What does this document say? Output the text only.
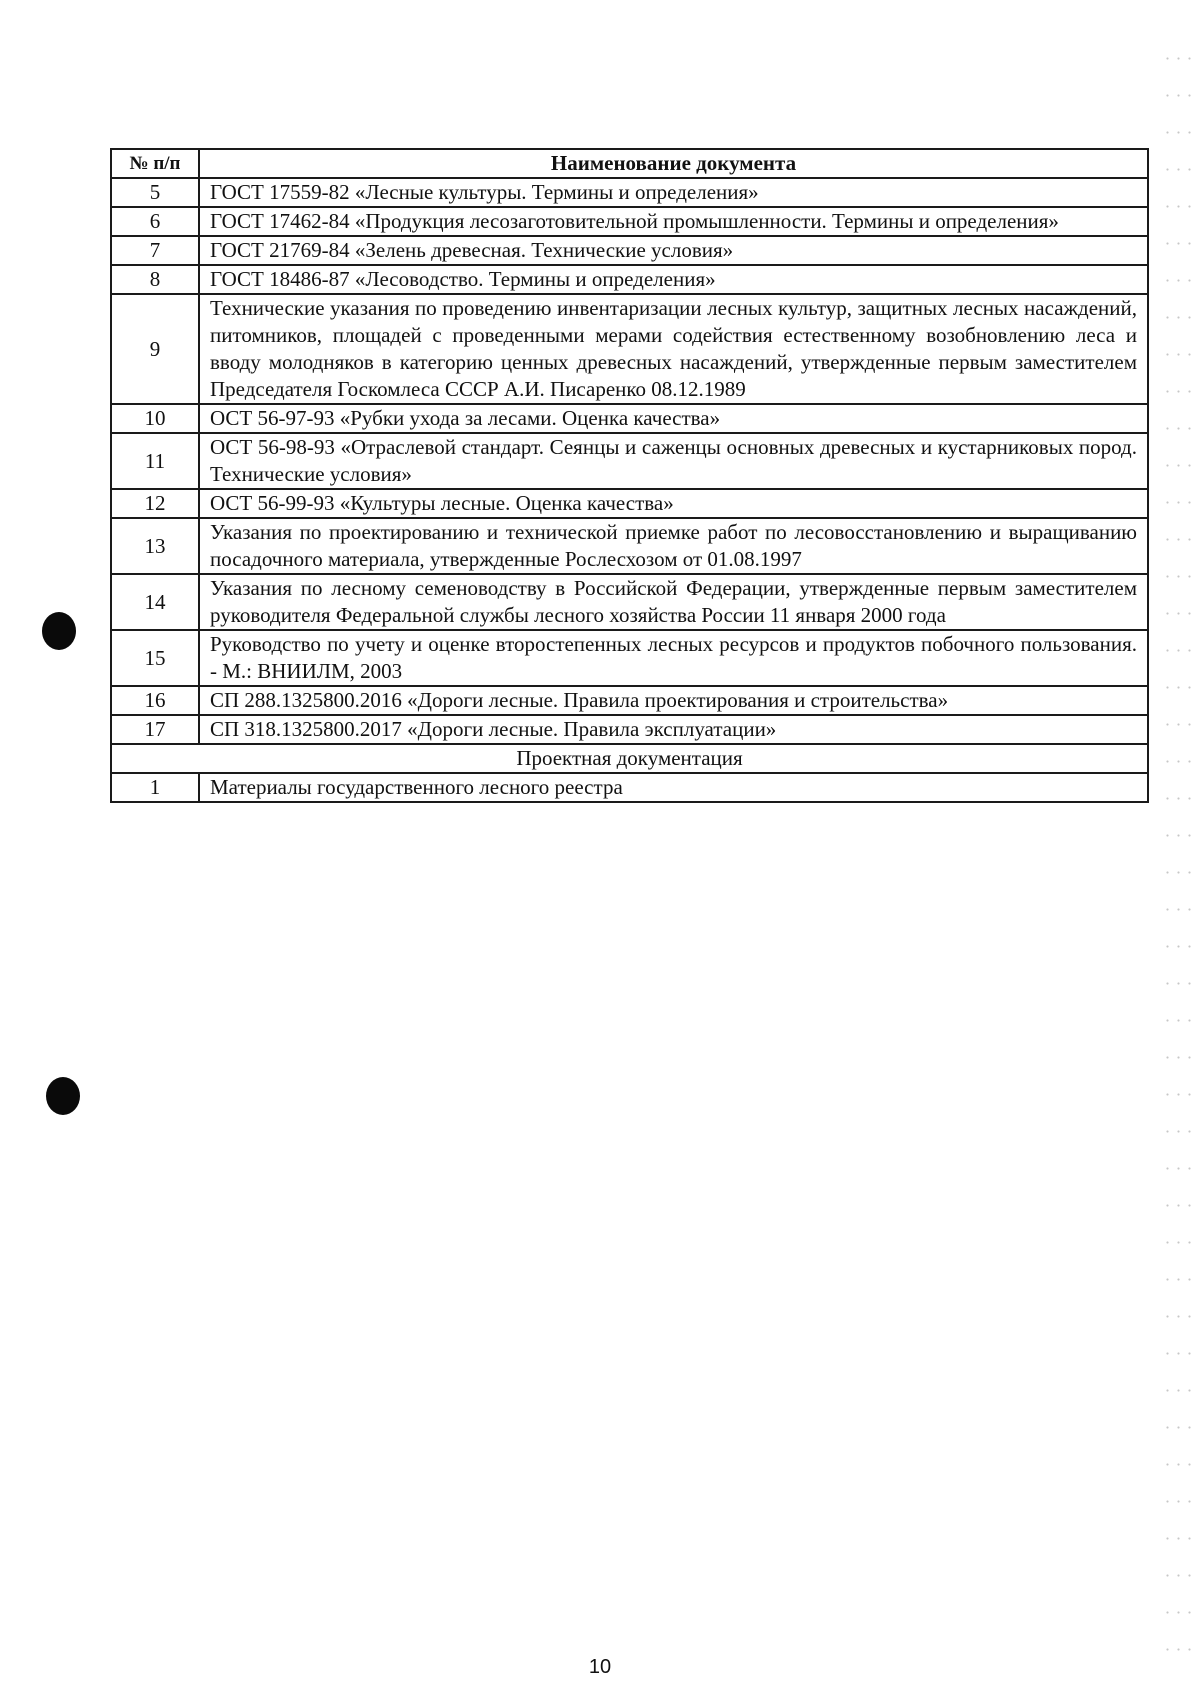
№ п/п	Наименование документа
5	ГОСТ 17559-82 «Лесные культуры. Термины и определения»
6	ГОСТ 17462-84 «Продукция лесозаготовительной промышленности. Термины и определения»
7	ГОСТ 21769-84 «Зелень древесная. Технические условия»
8	ГОСТ 18486-87 «Лесоводство. Термины и определения»
9	Технические указания по проведению инвентаризации лесных культур, защитных лесных насаждений, питомников, площадей с проведенными мерами содействия естественному возобновлению леса и вводу молодняков в категорию ценных древесных насаждений, утвержденные первым заместителем Председателя Госкомлеса СССР А.И. Писаренко 08.12.1989
10	ОСТ 56-97-93 «Рубки ухода за лесами. Оценка качества»
11	ОСТ 56-98-93 «Отраслевой стандарт. Сеянцы и саженцы основных древесных и кустарниковых пород. Технические условия»
12	ОСТ 56-99-93 «Культуры лесные. Оценка качества»
13	Указания по проектированию и технической приемке работ по лесовосстановлению и выращиванию посадочного материала, утвержденные Рослесхозом от 01.08.1997
14	Указания по лесному семеноводству в Российской Федерации, утвержденные первым заместителем руководителя Федеральной службы лесного хозяйства России 11 января 2000 года
15	Руководство по учету и оценке второстепенных лесных ресурсов и продуктов побочного пользования. - М.: ВНИИЛМ, 2003
16	СП 288.1325800.2016 «Дороги лесные. Правила проектирования и строительства»
17	СП 318.1325800.2017 «Дороги лесные. Правила эксплуатации»
Проектная документация	
1	Материалы государственного лесного реестра
10
